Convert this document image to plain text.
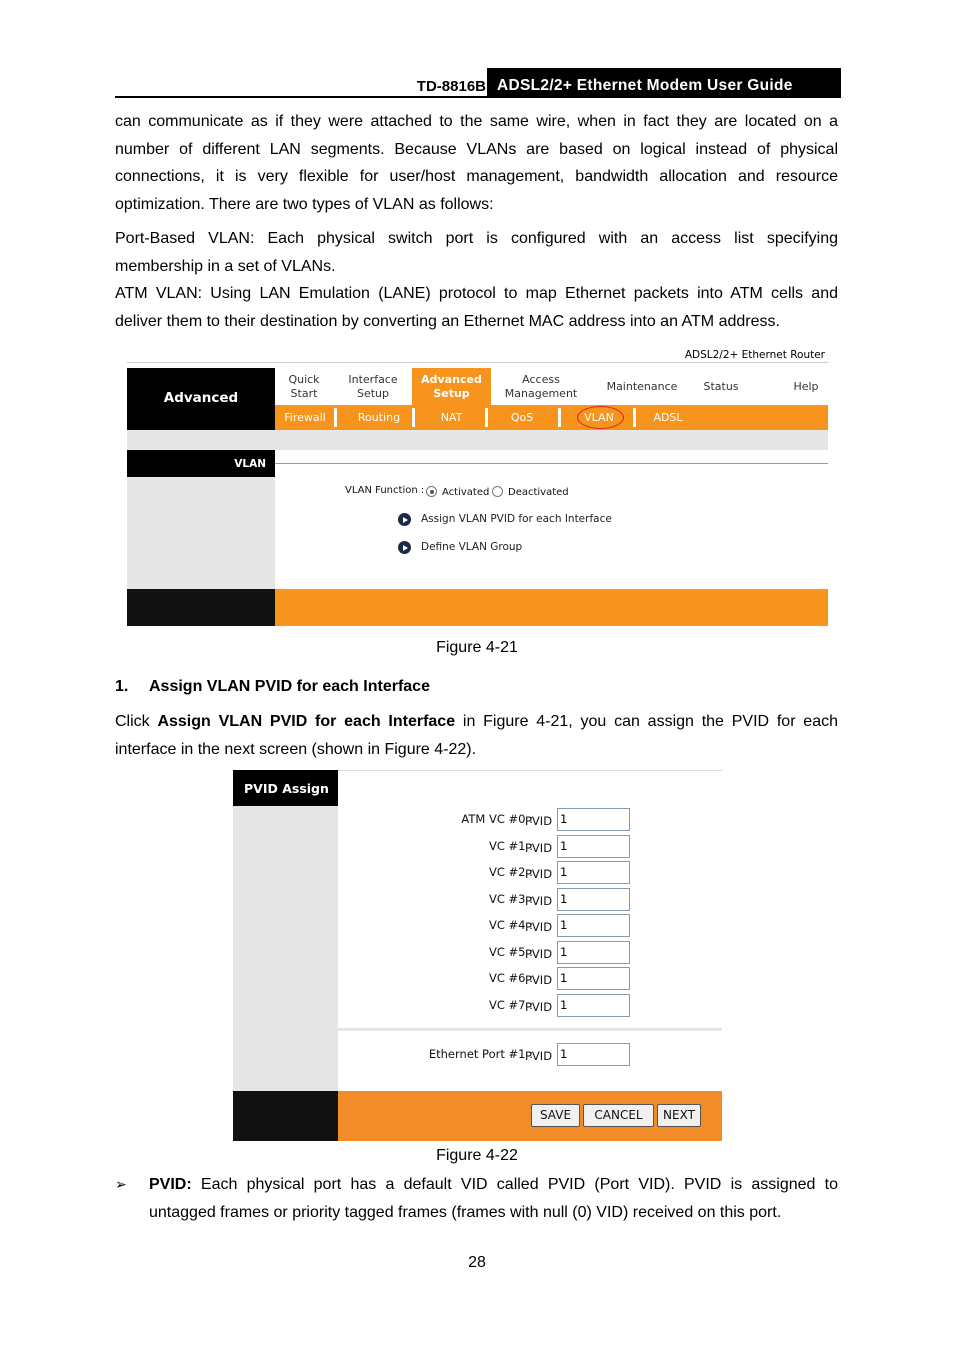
TD-8816B ADSL2/2+ Ethernet Modem User Guide
can communicate as if they were attached to the same wire, when in fact they are located on a
number of different LAN segments. Because VLANs are based on logical instead of physical
connections, it is very flexible for user/host management, bandwidth allocation and resource
optimization. There are two types of VLAN as follows:
Port-Based VLAN: Each physical switch port is configured with an access list specifying
membership in a set of VLANs.
ATM VLAN: Using LAN Emulation (LANE) protocol to map Ethernet packets into ATM cells and
deliver them to their destination by converting an Ethernet MAC address into an ATM address.
ADSL2/2+ Ethernet Router
Advanced
Quick
Start
Interface
Setup
Advanced
Setup
Access
Management
Maintenance	Status	Help
Firewall	Routing	NAT	QoS	VLAN	ADSL
VLAN
VLAN Function : Activated Deactivated
Assign VLAN PVID for each Interface
Define VLAN Group
Figure 4-21
1. Assign VLAN PVID for each Interface
Click Assign VLAN PVID for each Interface in Figure 4-21, you can assign the PVID for each
interface in the next screen (shown in Figure 4-22).
PVID Assign
ATM VC #0 :
PVID 1
VC #1 :
PVID 1
VC #2 :
PVID 1
VC #3 :
PVID 1
VC #4 :
PVID 1
VC #5 :
PVID 1
VC #6 :
PVID 1
VC #7 :
PVID 1
Ethernet Port #1 :
PVID 1
SAVE	CANCEL	NEXT
Figure 4-22
➢ PVID: Each physical port has a default VID called PVID (Port VID). PVID is assigned to
untagged frames or priority tagged frames (frames with null (0) VID) received on this port.
28
